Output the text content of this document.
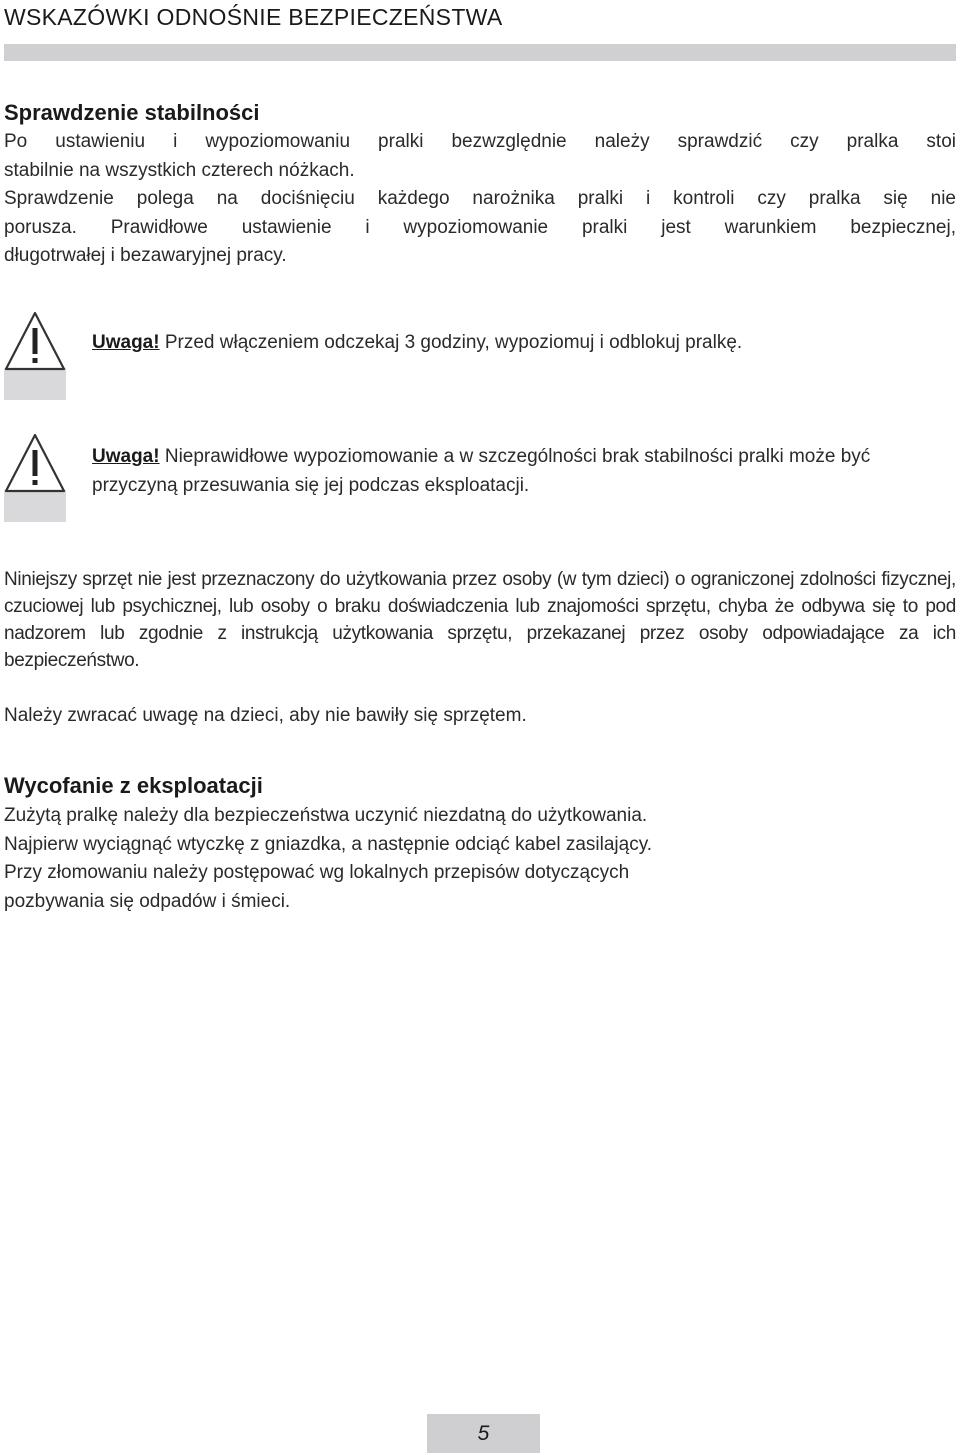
WSKAZÓWKI ODNOŚNIE BEZPIECZEŃSTWA
Sprawdzenie stabilności

Po ustawieniu i wypoziomowaniu pralki bezwzględnie należy sprawdzić czy pralka stoi
stabilnie na wszystkich czterech nóżkach.
Sprawdzenie polega na dociśnięciu każdego narożnika pralki i kontroli czy pralka się nie
porusza. Prawidłowe ustawienie i wypoziomowanie pralki jest warunkiem bezpiecznej,
długotrwałej i bezawaryjnej pracy.

Uwaga! Przed włączeniem odczekaj 3 godziny, wypoziomuj i odblokuj pralkę.

Uwaga! Nieprawidłowe wypoziomowanie a w szczególności brak stabilności pralki może być przyczyną przesuwania się jej podczas eksploatacji.

Niniejszy sprzęt nie jest przeznaczony do użytkowania przez osoby (w tym dzieci) o ograniczonej zdolności fizycznej, czuciowej lub psychicznej, lub osoby o braku doświadczenia lub znajomości sprzętu, chyba że odbywa się to pod nadzorem lub zgodnie z instrukcją użytkowania sprzętu, przekazanej przez osoby odpowiadające za ich bezpieczeństwo.

Należy zwracać uwagę na dzieci, aby nie bawiły się sprzętem.

Wycofanie z eksploatacji

Zużytą pralkę należy dla bezpieczeństwa uczynić niezdatną do użytkowania.
Najpierw wyciągnąć wtyczkę z gniazdka, a następnie odciąć kabel zasilający.
Przy złomowaniu należy postępować wg lokalnych przepisów dotyczących
pozbywania się odpadów i śmieci.

5
